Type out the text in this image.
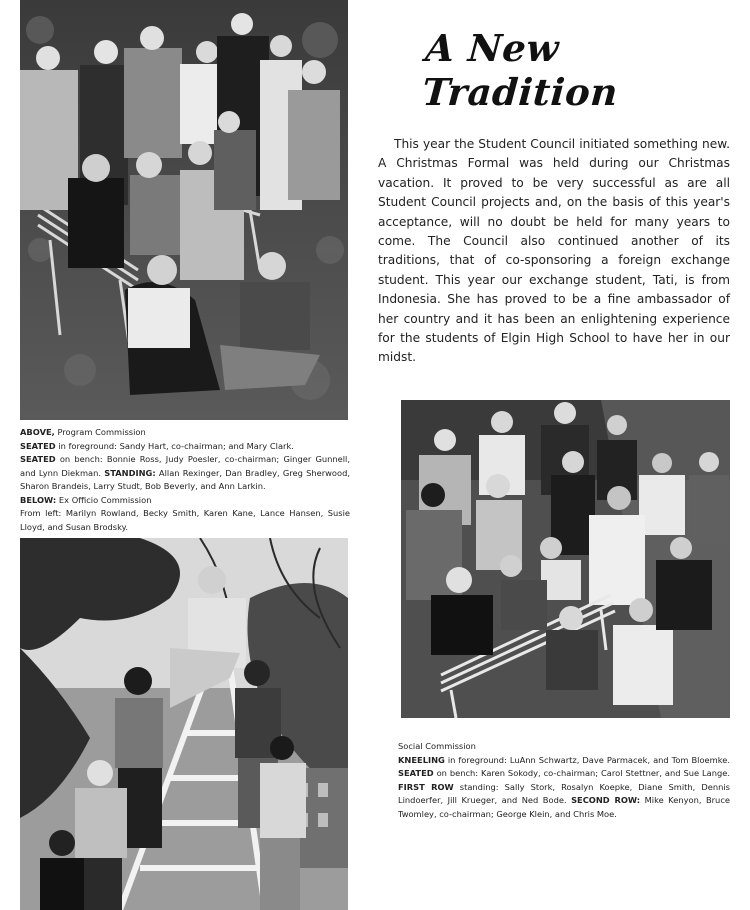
A New Tradition
This year the Student Council initiated something new. A Christmas Formal was held during our Christmas vacation. It proved to be very successful as are all Student Council projects and, on the basis of this year's acceptance, will no doubt be held for many years to come. The Council also continued another of its traditions, that of co-sponsoring a foreign exchange student. This year our exchange student, Tati, is from Indonesia. She has proved to be a fine ambassador of her country and it has been an enlightening experience for the students of Elgin High School to have her in our midst.
ABOVE, Program Commission
SEATED in foreground: Sandy Hart, co-chairman; and Mary Clark.
SEATED on bench: Bonnie Ross, Judy Poesler, co-chairman; Ginger Gunnell, and Lynn Diekman. STANDING: Allan Rexinger, Dan Bradley, Greg Sherwood, Sharon Brandeis, Larry Studt, Bob Beverly, and Ann Larkin.
BELOW: Ex Officio Commission
From left: Marilyn Rowland, Becky Smith, Karen Kane, Lance Hansen, Susie Lloyd, and Susan Brodsky.
Social Commission
KNEELING in foreground: LuAnn Schwartz, Dave Parmacek, and Tom Bloemke. SEATED on bench: Karen Sokody, co-chairman; Carol Stettner, and Sue Lange. FIRST ROW standing: Sally Stork, Rosalyn Koepke, Diane Smith, Dennis Lindoerfer, Jill Krueger, and Ned Bode. SECOND ROW: Mike Kenyon, Bruce Twomley, co-chairman; George Klein, and Chris Moe.
